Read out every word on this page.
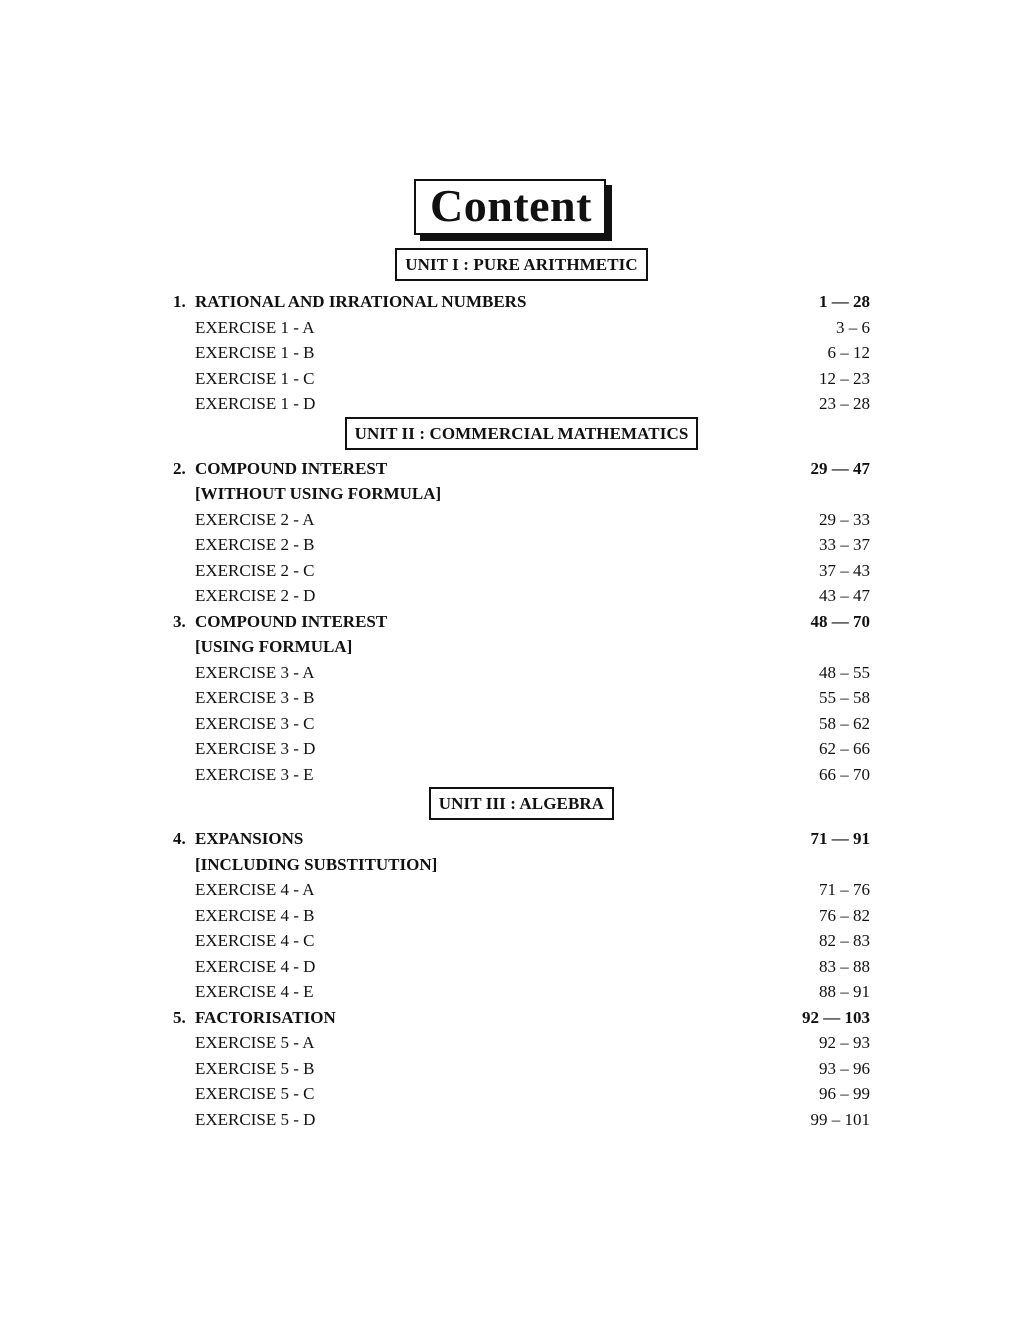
Content
UNIT I : PURE ARITHMETIC
1. RATIONAL AND IRRATIONAL NUMBERS	1 — 28
EXERCISE 1 - A	3 – 6
EXERCISE 1 - B	6 – 12
EXERCISE 1 - C	12 – 23
EXERCISE 1 - D	23 – 28
UNIT II : COMMERCIAL MATHEMATICS
2. COMPOUND INTEREST	29 — 47
[WITHOUT USING FORMULA]
EXERCISE 2 - A	29 – 33
EXERCISE 2 - B	33 – 37
EXERCISE 2 - C	37 – 43
EXERCISE 2 - D	43 – 47
3. COMPOUND INTEREST	48 — 70
[USING FORMULA]
EXERCISE 3 - A	48 – 55
EXERCISE 3 - B	55 – 58
EXERCISE 3 - C	58 – 62
EXERCISE 3 - D	62 – 66
EXERCISE 3 - E	66 – 70
UNIT III : ALGEBRA
4. EXPANSIONS	71 — 91
[INCLUDING SUBSTITUTION]
EXERCISE 4 - A	71 – 76
EXERCISE 4 - B	76 – 82
EXERCISE 4 - C	82 – 83
EXERCISE 4 - D	83 – 88
EXERCISE 4 - E	88 – 91
5. FACTORISATION	92 — 103
EXERCISE 5 - A	92 – 93
EXERCISE 5 - B	93 – 96
EXERCISE 5 - C	96 – 99
EXERCISE 5 - D	99 – 101
